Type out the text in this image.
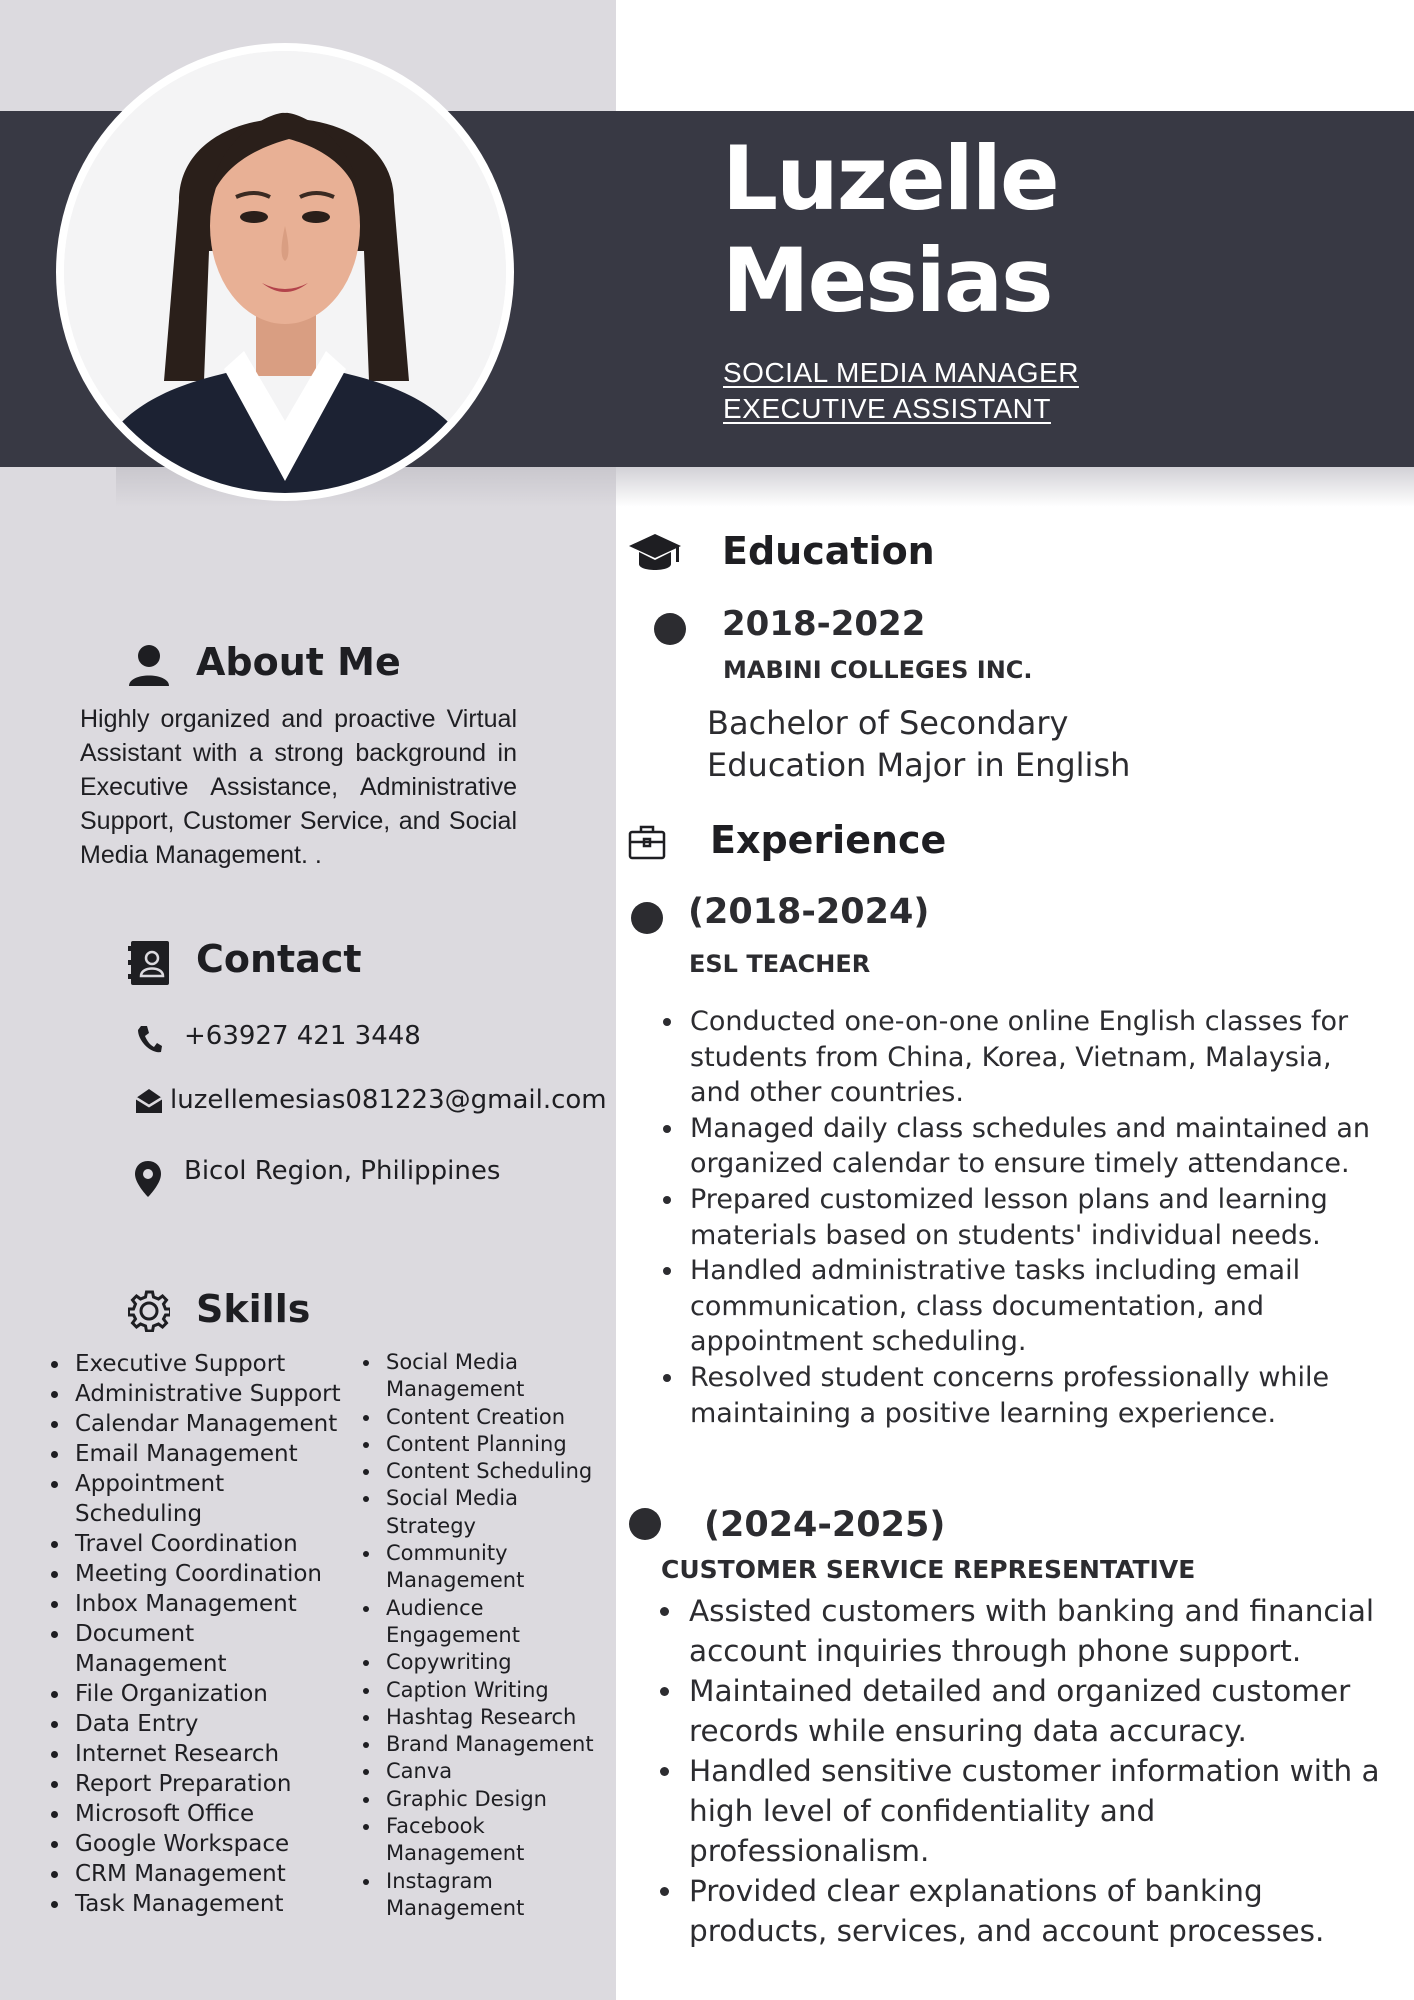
Luzelle
Mesias
SOCIAL MEDIA MANAGER
EXECUTIVE ASSISTANT
About Me
Highly organized and proactive Virtual Assistant with a strong background in Executive Assistance, Administrative Support, Customer Service, and Social Media Management. .
Contact
+63927 421 3448
luzellemesias081223@gmail.com
Bicol Region, Philippines
Skills
• Executive Support
• Administrative Support
• Calendar Management
• Email Management
• Appointment Scheduling
• Travel Coordination
• Meeting Coordination
• Inbox Management
• Document Management
• File Organization
• Data Entry
• Internet Research
• Report Preparation
• Microsoft Office
• Google Workspace
• CRM Management
• Task Management
• Social Media Management
• Content Creation
• Content Planning
• Content Scheduling
• Social Media Strategy
• Community Management
• Audience Engagement
• Copywriting
• Caption Writing
• Hashtag Research
• Brand Management
• Canva
• Graphic Design
• Facebook Management
• Instagram Management
Education
2018-2022
MABINI COLLEGES INC.
Bachelor of Secondary
Education Major in English
Experience
(2018-2024)
ESL TEACHER
• Conducted one-on-one online English classes for students from China, Korea, Vietnam, Malaysia, and other countries.
• Managed daily class schedules and maintained an organized calendar to ensure timely attendance.
• Prepared customized lesson plans and learning materials based on students' individual needs.
• Handled administrative tasks including email communication, class documentation, and appointment scheduling.
• Resolved student concerns professionally while maintaining a positive learning experience.
(2024-2025)
CUSTOMER SERVICE REPRESENTATIVE
• Assisted customers with banking and financial account inquiries through phone support.
• Maintained detailed and organized customer records while ensuring data accuracy.
• Handled sensitive customer information with a high level of confidentiality and professionalism.
• Provided clear explanations of banking products, services, and account processes.
